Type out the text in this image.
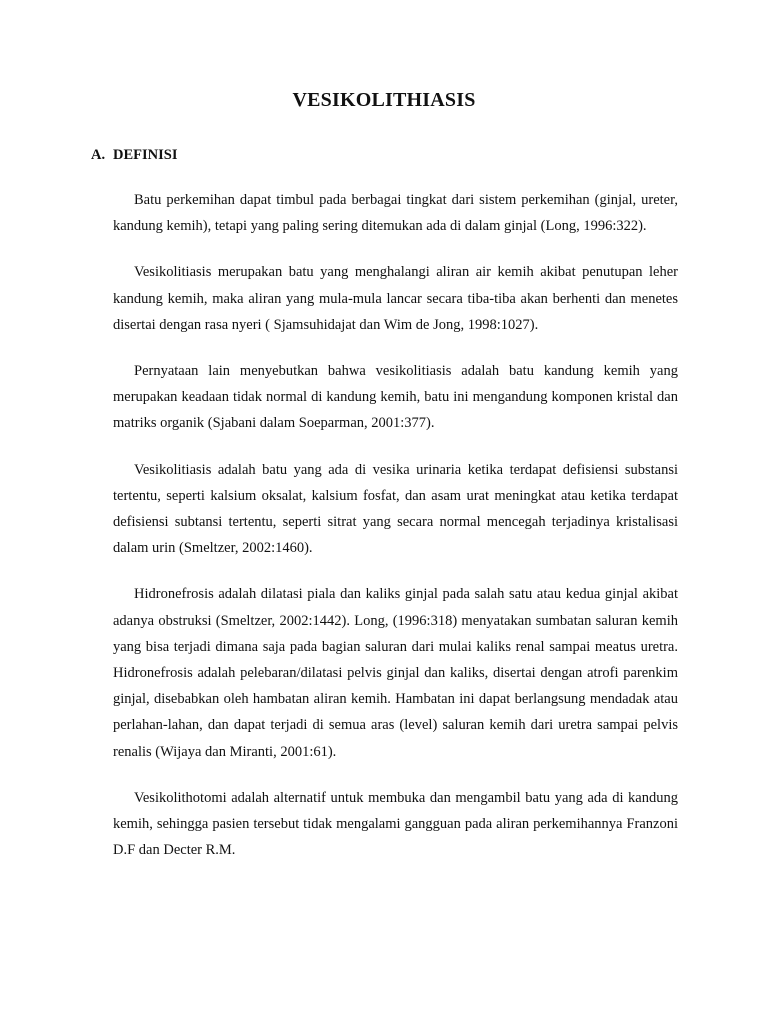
VESIKOLITHIASIS
A. DEFINISI

Batu perkemihan dapat timbul pada berbagai tingkat dari sistem perkemihan (ginjal, ureter, kandung kemih), tetapi yang paling sering ditemukan ada di dalam ginjal (Long, 1996:322).

Vesikolitiasis merupakan batu yang menghalangi aliran air kemih akibat penutupan leher kandung kemih, maka aliran yang mula-mula lancar secara tiba-tiba akan berhenti dan menetes disertai dengan rasa nyeri ( Sjamsuhidajat dan Wim de Jong, 1998:1027).

Pernyataan lain menyebutkan bahwa vesikolitiasis adalah batu kandung kemih yang merupakan keadaan tidak normal di kandung kemih, batu ini mengandung komponen kristal dan matriks organik (Sjabani dalam Soeparman, 2001:377).

Vesikolitiasis adalah batu yang ada di vesika urinaria ketika terdapat defisiensi substansi tertentu, seperti kalsium oksalat, kalsium fosfat, dan asam urat meningkat atau ketika terdapat defisiensi subtansi tertentu, seperti sitrat yang secara normal mencegah terjadinya kristalisasi dalam urin (Smeltzer, 2002:1460).

Hidronefrosis adalah dilatasi piala dan kaliks ginjal pada salah satu atau kedua ginjal akibat adanya obstruksi (Smeltzer, 2002:1442). Long, (1996:318) menyatakan sumbatan saluran kemih yang bisa terjadi dimana saja pada bagian saluran dari mulai kaliks renal sampai meatus uretra. Hidronefrosis adalah pelebaran/dilatasi pelvis ginjal dan kaliks, disertai dengan atrofi parenkim ginjal, disebabkan oleh hambatan aliran kemih. Hambatan ini dapat berlangsung mendadak atau perlahan-lahan, dan dapat terjadi di semua aras (level) saluran kemih dari uretra sampai pelvis renalis (Wijaya dan Miranti, 2001:61).

Vesikolithotomi adalah alternatif untuk membuka dan mengambil batu yang ada di kandung kemih, sehingga pasien tersebut tidak mengalami gangguan pada aliran perkemihannya Franzoni D.F dan Decter R.M.
